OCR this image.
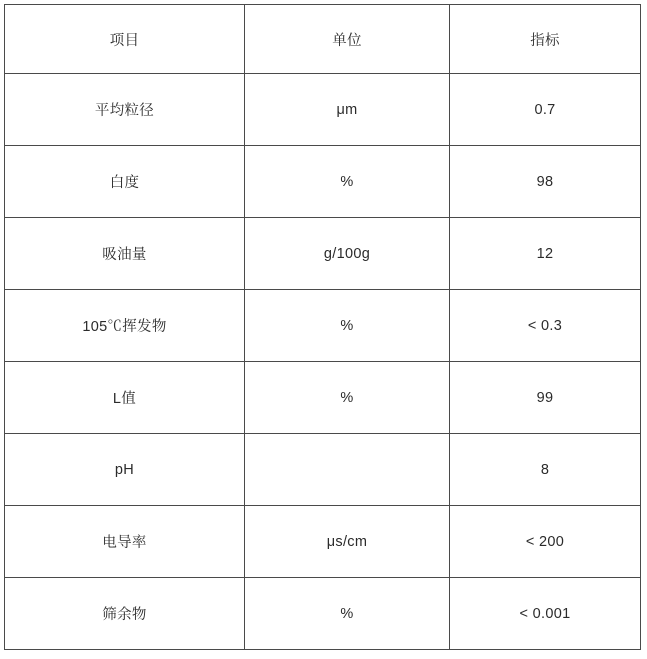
项目	单位	指标
平均粒径	μm	0.7
白度	%	98
吸油量	g/100g	12
105℃挥发物	%	< 0.3
L值	%	99
pH		8
电导率	μs/cm	< 200
筛余物	%	< 0.001
